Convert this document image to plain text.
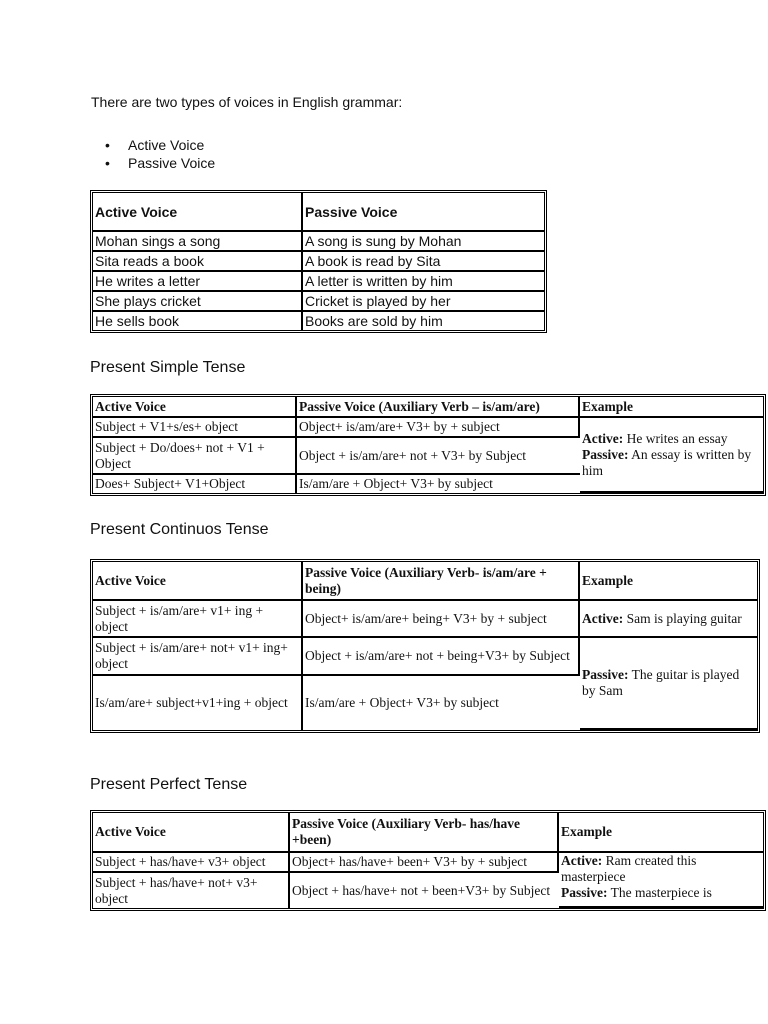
There are two types of voices in English grammar:
• Active Voice
• Passive Voice
Active Voice	Passive Voice
Mohan sings a song	A song is sung by Mohan
Sita reads a book	A book is read by Sita
He writes a letter	A letter is written by him
She plays cricket	Cricket is played by her
He sells book	Books are sold by him
Present Simple Tense
Active Voice	Passive Voice (Auxiliary Verb – is/am/are)	Example
Subject + V1+s/es+ object	Object+ is/am/are+ V3+ by + subject	Active: He writes an essay

Passive: An essay is written by him

Subject + Do/does+ not + V1 + Object	Object + is/am/are+ not + V3+ by Subject	
Does+ Subject+ V1+Object	Is/am/are + Object+ V3+ by subject	
Present Continuos Tense
Active Voice	Passive Voice (Auxiliary Verb- is/am/are + being)	Example
Subject + is/am/are+ v1+ ing + object	Object+ is/am/are+ being+ V3+ by + subject	Active: Sam is playing guitar

Subject + is/am/are+ not+ v1+ ing+ object	Object + is/am/are+ not + being+V3+ by Subject	Passive: The guitar is played by Sam

Is/am/are+ subject+v1+ing + object	Is/am/are + Object+ V3+ by subject	
Present Perfect Tense
Active Voice	Passive Voice (Auxiliary Verb- has/have +been)	Example
Subject + has/have+ v3+ object	Object+ has/have+ been+ V3+ by + subject	Active: Ram created this masterpiece

Passive: The masterpiece is

Subject + has/have+ not+ v3+ object	Object + has/have+ not + been+V3+ by Subject	
